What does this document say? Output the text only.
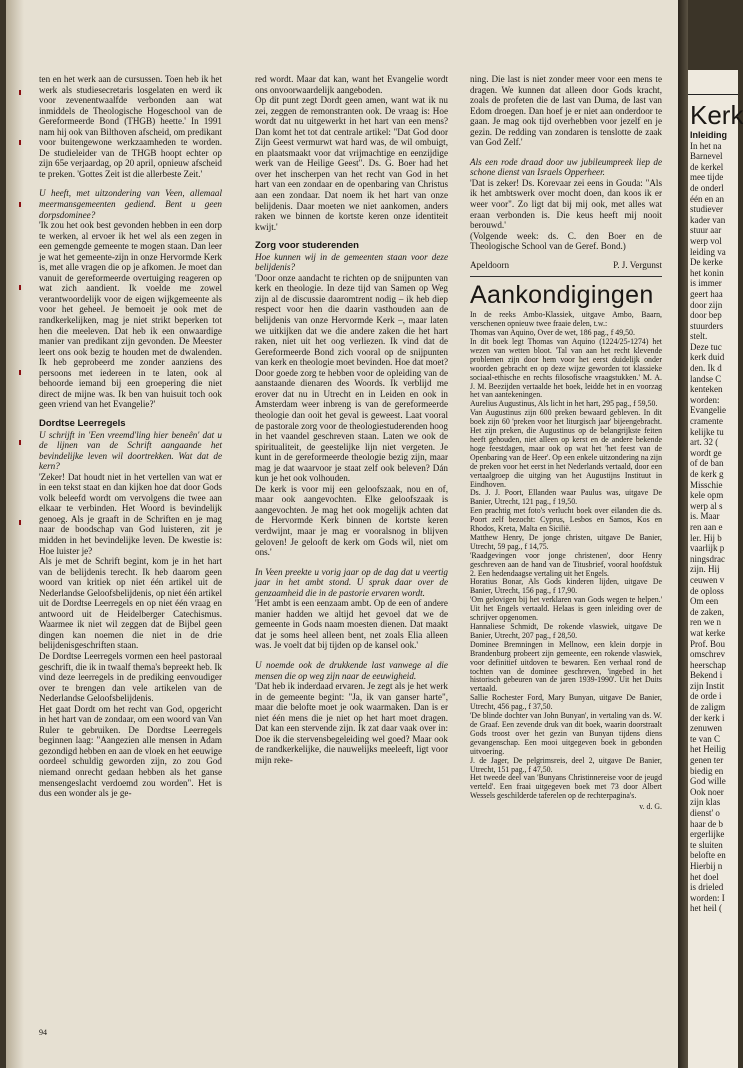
ten en het werk aan de cursussen. Toen heb ik het werk als studiesecretaris losgelaten en werd ik voor zevenentwaalfde verbonden aan wat inmiddels de Theologische Hogeschool van de Gereformeerde Bond (THGB) heette.' In 1991 nam hij ook van Bilthoven afscheid, om predikant voor buitengewone werkzaamheden te worden. De studieleider van de THGB hoopt echter op zijn 65e verjaardag, op 20 april, opnieuw afscheid te preken. 'Gottes Zeit ist die allerbeste Zeit.'

U heeft, met uitzondering van Veen, allemaal meermansgemeenten gediend. Bent u geen dorpsdominee?

'Ik zou het ook best gevonden hebben in een dorp te werken, al ervoer ik het wel als een zegen in een gemengde gemeente te mogen staan. Dan leer je wat het gemeente-zijn in onze Hervormde Kerk is, met alle vragen die op je afkomen. Je moet dan vanuit de gereformeerde overtuiging reageren op wat zich aandient. Ik voelde me zowel verantwoordelijk voor de eigen wijkgemeente als voor het geheel. Je bemoeit je ook met de randkerkelijken, mag je niet strikt beperken tot hen die meeleven. Dat heb ik een onwaardige manier van predikant zijn gevonden. De Meester leert ons ook bezig te houden met de dwalenden. Ik heb geprobeerd me zonder aanziens des persoons met iedereen in te laten, ook al behoorde iemand bij een groepering die niet direct de mijne was. Ik ben van huisuit toch ook geen vriend van het Evangelie?'

Dordtse Leerregels

U schrijft in 'Een vreemd'ling hier beneên' dat u de lijnen van de Schrift aangaande het bevindelijke leven wil doortrekken. Wat dat de kern?

'Zeker! Dat houdt niet in het vertellen van wat er in een tekst staat en dan kijken hoe dat door Gods volk beleefd wordt om vervolgens die twee aan elkaar te verbinden. Het Woord is bevindelijk genoeg. Als je graaft in de Schriften en je mag naar de boodschap van God luisteren, zit je midden in het bevindelijke leven. De kwestie is: Hoe luister je?

Als je met de Schrift begint, kom je in het hart van de belijdenis terecht. Ik heb daarom geen woord van kritiek op niet één artikel uit de Nederlandse Geloofsbelijdenis, op niet één artikel uit de Dordtse Leerregels en op niet één vraag en antwoord uit de Heidelberger Catechismus. Waarmee ik niet wil zeggen dat de Bijbel geen dingen kan noemen die niet in de drie belijdenisgeschriften staan.

De Dordtse Leerregels vormen een heel pastoraal geschrift, die ik in twaalf thema's bepreekt heb. Ik vind deze leerregels in de prediking eenvoudiger over te brengen dan vele artikelen van de Nederlandse Geloofsbelijdenis.

Het gaat Dordt om het recht van God, opgericht in het hart van de zondaar, om een woord van Van Ruler te gebruiken. De Dordtse Leerregels beginnen laag: "Aangezien alle mensen in Adam gezondigd hebben en aan de vloek en het eeuwige oordeel schuldig geworden zijn, zo zou God niemand onrecht gedaan hebben als het ganse mensengeslacht verdoemd zou worden". Het is dus een wonder als je ge-

red wordt. Maar dat kan, want het Evangelie wordt ons onvoorwaardelijk aangeboden.

Op dit punt zegt Dordt geen amen, want wat ik nu zei, zeggen de remonstranten ook. De vraag is: Hoe wordt dat nu uitgewerkt in het hart van een mens? Dan komt het tot dat centrale artikel: "Dat God door Zijn Geest vermurwt wat hard was, de wil ombuigt, en plaatsmaakt voor dat vrijmachtige en eenzijdige werk van de Heilige Geest". Ds. G. Boer had het over het inscherpen van het recht van God in het hart van een zondaar en de openbaring van Christus aan een zondaar. Dat noem ik het hart van onze belijdenis. Daar moeten we niet aankomen, anders raken we binnen de kortste keren onze identiteit kwijt.'

Zorg voor studerenden

Hoe kunnen wij in de gemeenten staan voor deze belijdenis?

'Door onze aandacht te richten op de snijpunten van kerk en theologie. In deze tijd van Samen op Weg zijn al de discussie daaromtrent nodig – ik heb diep respect voor hen die daarin vasthouden aan de belijdenis van onze Hervormde Kerk –, maar laten we uitkijken dat we die andere zaken die het hart raken, niet uit het oog verliezen. Ik vind dat de Gereformeerde Bond zich vooral op de snijpunten van kerk en theologie moet bevinden. Hoe dat moet? Door goede zorg te hebben voor de opleiding van de aanstaande dienaren des Woords. Ik verblijd me erover dat nu in Utrecht en in Leiden en ook in Amsterdam weer inbreng is van de gereformeerde theologie dan ooit het geval is geweest. Laat vooral de pastorale zorg voor de theologiestuderenden hoog in het vaandel geschreven staan. Laten we ook de spiritualiteit, de geestelijke lijn niet vergeten. Je kunt in de gereformeerde theologie bezig zijn, maar mag je dat waarvoor je staat zelf ook beleven? Dán kun je het ook volhouden.

De kerk is voor mij een geloofszaak, nou en of, maar ook aangevochten. Elke geloofszaak is aangevochten. Je mag het ook mogelijk achten dat de Hervormde Kerk binnen de kortste keren verdwijnt, maar je mag er vooralsnog in blijven geloven! Je gelooft de kerk om Gods wil, niet om ons.'

In Veen preekte u vorig jaar op de dag dat u veertig jaar in het ambt stond. U sprak daar over de genzaamheid die in de pastorie ervaren wordt.

'Het ambt is een eenzaam ambt. Op de een of andere manier hadden we altijd het gevoel dat we de gemeente in Gods naam moesten dienen. Dat maakt dat je soms heel alleen bent, net zoals Elia alleen was. Je voelt dat bij tijden op de kansel ook.'

U noemde ook de drukkende last vanwege al die mensen die op weg zijn naar de eeuwigheid.

'Dat heb ik inderdaad ervaren. Je zegt als je het werk in de gemeente begint: "Ja, ik van ganser harte", maar die belofte moet je ook waarmaken. Dan is er niet één mens die je niet op het hart moet dragen. Dat kan een stervende zijn. Ik zat daar vaak over in: Doe ik die stervensbegeleiding wel goed? Maar ook de randkerkelijke, die nauwelijks meeleeft, ligt voor mijn reke-

ning. Die last is niet zonder meer voor een mens te dragen. We kunnen dat alleen door Gods kracht, zoals de profeten die de last van Duma, de last van Edom droegen. Dan hoef je er niet aan onderdoor te gaan. Je mag ook tijd overhebben voor jezelf en je gezin. De redding van zondaren is tenslotte de zaak van God Zelf.'

Als een rode draad door uw jubileumpreek liep de schone dienst van Israels Opperheer.

'Dat is zeker! Ds. Korevaar zei eens in Gouda: "Als ik het ambtswerk over mocht doen, dan koos ik er weer voor". Zo ligt dat bij mij ook, met alles wat eraan verbonden is. Die keus heeft mij nooit berouwd.'

(Volgende week: ds. C. den Boer en de Theologische School van de Geref. Bond.)

Apeldoorn	P. J. Vergunst

Aankondigingen

In de reeks Ambo-Klassiek, uitgave Ambo, Baarn, verschenen opnieuw twee fraaie delen, t.w.:

Thomas van Aquino, Over de wet, 186 pag., f 49,50.

In dit boek legt Thomas van Aquino (1224/25-1274) het wezen van wetten bloot. 'Tal van aan het recht klevende problemen zijn door hem voor het eerst duidelijk onder woorden gebracht en op deze wijze geworden tot klassieke sociaal-ethische en rechts filosofische vraagstukken.' M. A. J. M. Beezijden vertaalde het boek, leidde het in en voorzag het van aantekeningen.

Aurelius Augustinus, Als licht in het hart, 295 pag., f 59,50.

Van Augustinus zijn 600 preken bewaard gebleven. In dit boek zijn 60 'preken voor het liturgisch jaar' bijeengebracht. Het zijn preken, die Augustinus op de belangrijkste feiten heeft gehouden, niet alleen op kerst en de andere bekende hoge feestdagen, maar ook op wat het 'het feest van de Openbaring van de Heer'. Op een enkele uitzondering na zijn de preken voor het eerst in het Nederlands vertaald, door een vertaalgroep die uitging van het Augustijns Instituut in Eindhoven.

Ds. J. J. Poort, Ellanden waar Paulus was, uitgave De Banier, Utrecht, 121 pag., f 19,50.

Een prachtig met foto's verlucht boek over eilanden die ds. Poort zelf bezocht: Cyprus, Lesbos en Samos, Kos en Rhodos, Kreta, Malta en Sicilië.

Matthew Henry, De jonge christen, uitgave De Banier, Utrecht, 59 pag., f 14,75.

'Raadgevingen voor jonge christenen', door Henry geschreven aan de hand van de Titusbrief, vooral hoofdstuk 2. Een hedendaagse vertaling uit het Engels.

Horatius Bonar, Als Gods kinderen lijden, uitgave De Banier, Utrecht, 156 pag., f 17,90.

'Om gelovigen bij het verklaren van Gods wegen te helpen.' Uit het Engels vertaald. Helaas is geen inleiding over de schrijver opgenomen.

Hannaliese Schmidt, De rokende vlaswiek, uitgave De Banier, Utrecht, 207 pag., f 28,50.

Dominee Bremningen in Mellnow, een klein dorpje in Brandenburg probeert zijn gemeente, een rokende vlaswiek, voor definitief uitdoven te bewaren. Een verhaal rond de tochten van de dominee geschreven, 'ingebed in het historisch gebeuren van de jaren 1939-1990'. Uit het Duits vertaald.

Sallie Rochester Ford, Mary Bunyan, uitgave De Banier, Utrecht, 456 pag., f 37,50.

'De blinde dochter van John Bunyan', in vertaling van ds. W. de Graaf. Een zevende druk van dit boek, waarin doorstraalt Gods troost over het gezin van Bunyan tijdens diens gevangenschap. Een mooi uitgegeven boek in gebonden uitvoering.

J. de Jager, De pelgrimsreis, deel 2, uitgave De Banier, Utrecht, 151 pag., f 47,50.

Het tweede deel van 'Bunyans Christinnereise voor de jeugd verteld'. Een fraai uitgegeven boek met 73 door Albert Wessels geschilderde taferelen op de rechterpagina's.

v. d. G.

94
Kerk
Inleiding
In het na
Barnevel
de kerkel
mee tijde
de onderl
één en an
studiever
kader van
stuur aar
werp vol
leiding va
De kerke
het konin
is immer
geert haa
door zijn
door bep
stuurders
stelt.
Deze tuc
kerk duid
den. Ik d
landse C
kenteken
worden:
Evangelie
cramente
kelijke tu
art. 32 (
wordt ge
of de ban
de kerk g
Misschie
kele opm
werp al s
is. Maar
ren aan e
ler. Hij b
vaarlijk p
ningsdrac
zijn. Hij
ceuwen v
de oploss
Om een
de zaken,
ren we n
wat kerke
Prof. Bou
omschrev
heerschap
Bekend i
zijn Instit
de orde i
de zaligm
der kerk i
zenuwen
te van C
het Heilig
genen ter
biedig en
God wille
Ook noer
zijn klas
dienst' o
haar de b
ergerlijke
te sluiten
belofte en
Hierbij n
het doel
is drieled
worden: I
het heil (
